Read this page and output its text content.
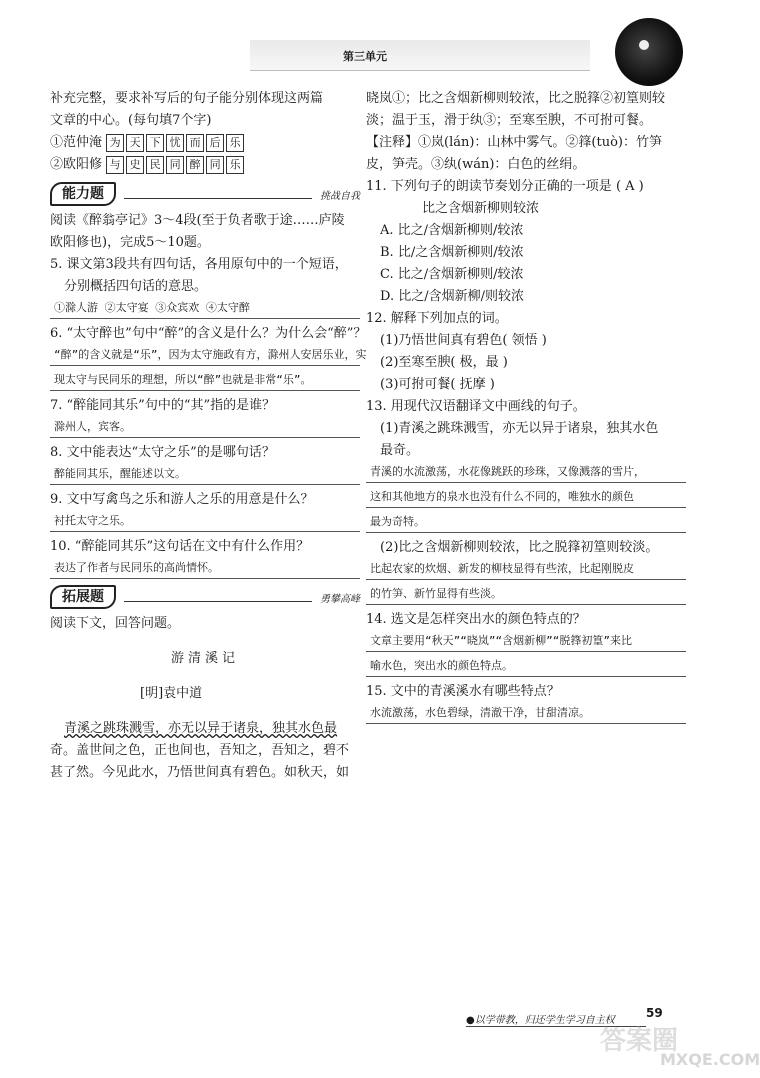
第三单元

补充完整，要求补写后的句子能分别体现这两篇

文章的中心。(每句填7个字)

①范仲淹 为 天 下 忧 而 后 乐

②欧阳修 与 史 民 同 醉 同 乐

能力题	挑战自我

阅读《醉翁亭记》3～4段(至于负者歌于途……庐陵

欧阳修也)，完成5～10题。

5. 课文第3段共有四句话，各用原句中的一个短语，

分别概括四句话的意思。

①滁人游 ②太守宴 ③众宾欢 ④太守醉

6. “太守醉也”句中“醉”的含义是什么？为什么会“醉”？

“醉”的含义就是“乐”，因为太守施政有方，滁州人安居乐业，实

现太守与民同乐的理想，所以“醉”也就是非常“乐”。

7. “醉能同其乐”句中的“其”指的是谁？

滁州人，宾客。

8. 文中能表达“太守之乐”的是哪句话？

醉能同其乐，醒能述以文。

9. 文中写禽鸟之乐和游人之乐的用意是什么？

衬托太守之乐。

10. “醉能同其乐”这句话在文中有什么作用？

表达了作者与民同乐的高尚情怀。

拓展题	勇攀高峰

阅读下文，回答问题。

游清溪记

[明]袁中道

青溪之跳珠溅雪，亦无以异于诸泉，独其水色最

奇。盖世间之色，正也间也，吾知之，吾知之，碧不

甚了然。今见此水，乃悟世间真有碧色。如秋天，如

晓岚①；比之含烟新柳则较浓，比之脱箨②初篁则较

淡；温于玉，滑于纨③；至寒至腴，不可拊可餐。

【注释】①岚(lán)：山林中雾气。②箨(tuò)：竹笋

皮，笋壳。③纨(wán)：白色的丝绢。

11. 下列句子的朗读节奏划分正确的一项是 ( A )

比之含烟新柳则较浓

A. 比之/含烟新柳则/较浓

B. 比/之含烟新柳则/较浓

C. 比之/含烟新柳则/较浓

D. 比之/含烟新柳/则较浓

12. 解释下列加点的词。

(1)乃悟世间真有碧色( 领悟 )

(2)至寒至腴( 极，最 )

(3)可拊可餐( 抚摩 )

13. 用现代汉语翻译文中画线的句子。

(1)青溪之跳珠溅雪，亦无以异于诸泉，独其水色

最奇。

青溪的水流激荡，水花像跳跃的珍珠，又像溅落的雪片，

这和其他地方的泉水也没有什么不同的，唯独水的颜色

最为奇特。

(2)比之含烟新柳则较浓，比之脱箨初篁则较淡。

比起农家的炊烟、新发的柳枝显得有些浓，比起刚脱皮

的竹笋、新竹显得有些淡。

14. 选文是怎样突出水的颜色特点的？

文章主要用“秋天”“晓岚”“含烟新柳”“脱箨初篁”来比

喻水色，突出水的颜色特点。

15. 文中的青溪溪水有哪些特点？

水流激荡，水色碧绿，清澈干净，甘甜清凉。

●以学带教，归还学生学习自主权
59
答案圈
MXQE.COM
